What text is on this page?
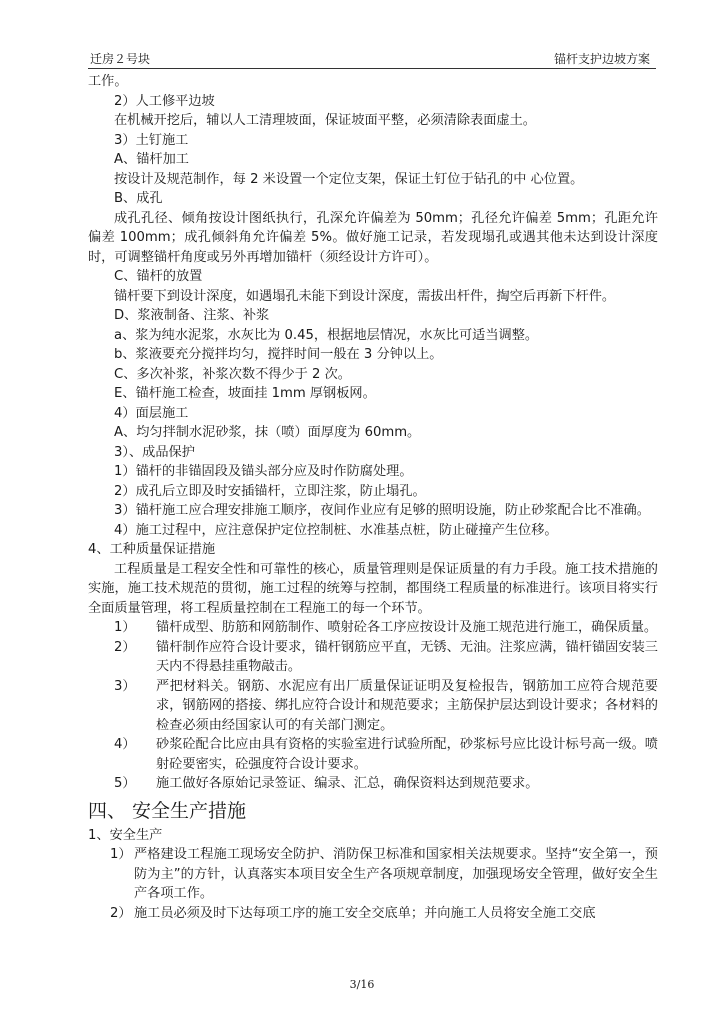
迁房２号块	锚杆支护边坡方案
工作。
2）人工修平边坡
在机械开挖后，辅以人工清理坡面，保证坡面平整，必须清除表面虚土。
3）土钉施工
A、锚杆加工
按设计及规范制作，每 2 米设置一个定位支架，保证土钉位于钻孔的中 心位置。
B、成孔
成孔孔径、倾角按设计图纸执行，孔深允许偏差为 50mm；孔径允许偏差 5mm；孔距允许偏差 100mm；成孔倾斜角允许偏差 5%。做好施工记录，若发现塌孔或遇其他未达到设计深度时，可调整锚杆角度或另外再增加锚杆（须经设计方许可）。
C、锚杆的放置
锚杆要下到设计深度，如遇塌孔未能下到设计深度，需拔出杆件，掏空后再新下杆件。
D、浆液制备、注浆、补浆
a、浆为纯水泥浆，水灰比为 0.45，根据地层情况，水灰比可适当调整。
b、浆液要充分搅拌均匀，搅拌时间一般在 3 分钟以上。
C、多次补浆，补浆次数不得少于 2 次。
E、锚杆施工检查，坡面挂 1mm 厚钢板网。
4）面层施工
A、均匀拌制水泥砂浆，抹（喷）面厚度为 60mm。
3）、成品保护
1）锚杆的非锚固段及锚头部分应及时作防腐处理。
2）成孔后立即及时安插锚杆，立即注浆，防止塌孔。
3）锚杆施工应合理安排施工顺序，夜间作业应有足够的照明设施，防止砂浆配合比不准确。
4）施工过程中，应注意保护定位控制桩、水准基点桩，防止碰撞产生位移。
4、工种质量保证措施
工程质量是工程安全性和可靠性的核心，质量管理则是保证质量的有力手段。施工技术措施的实施，施工技术规范的贯彻，施工过程的统筹与控制，都围绕工程质量的标准进行。该项目将实行全面质量管理，将工程质量控制在工程施工的每一个环节。
1）	锚杆成型、肪筋和网筋制作、喷射砼各工序应按设计及施工规范进行施工，确保质量。
2）	锚杆制作应符合设计要求，锚杆钢筋应平直，无锈、无油。注浆应满，锚杆锚固安装三天内不得悬挂重物敲击。
3）	严把材料关。钢筋、水泥应有出厂质量保证证明及复检报告，钢筋加工应符合规范要求，钢筋网的搭接、绑扎应符合设计和规范要求；主筋保护层达到设计要求；各材料的检查必须由经国家认可的有关部门测定。
4）	砂浆砼配合比应由具有资格的实验室进行试验所配，砂浆标号应比设计标号高一级。喷射砼要密实，砼强度符合设计要求。
5）	施工做好各原始记录签证、编录、汇总，确保资料达到规范要求。
四、 安全生产措施
1、安全生产
1） 严格建设工程施工现场安全防护、消防保卫标准和国家相关法规要求。坚持“安全第一，预防为主”的方针，认真落实本项目安全生产各项规章制度，加强现场安全管理，做好安全生产各项工作。
2） 施工员必须及时下达每项工序的施工安全交底单；并向施工人员将安全施工交底
3/16
